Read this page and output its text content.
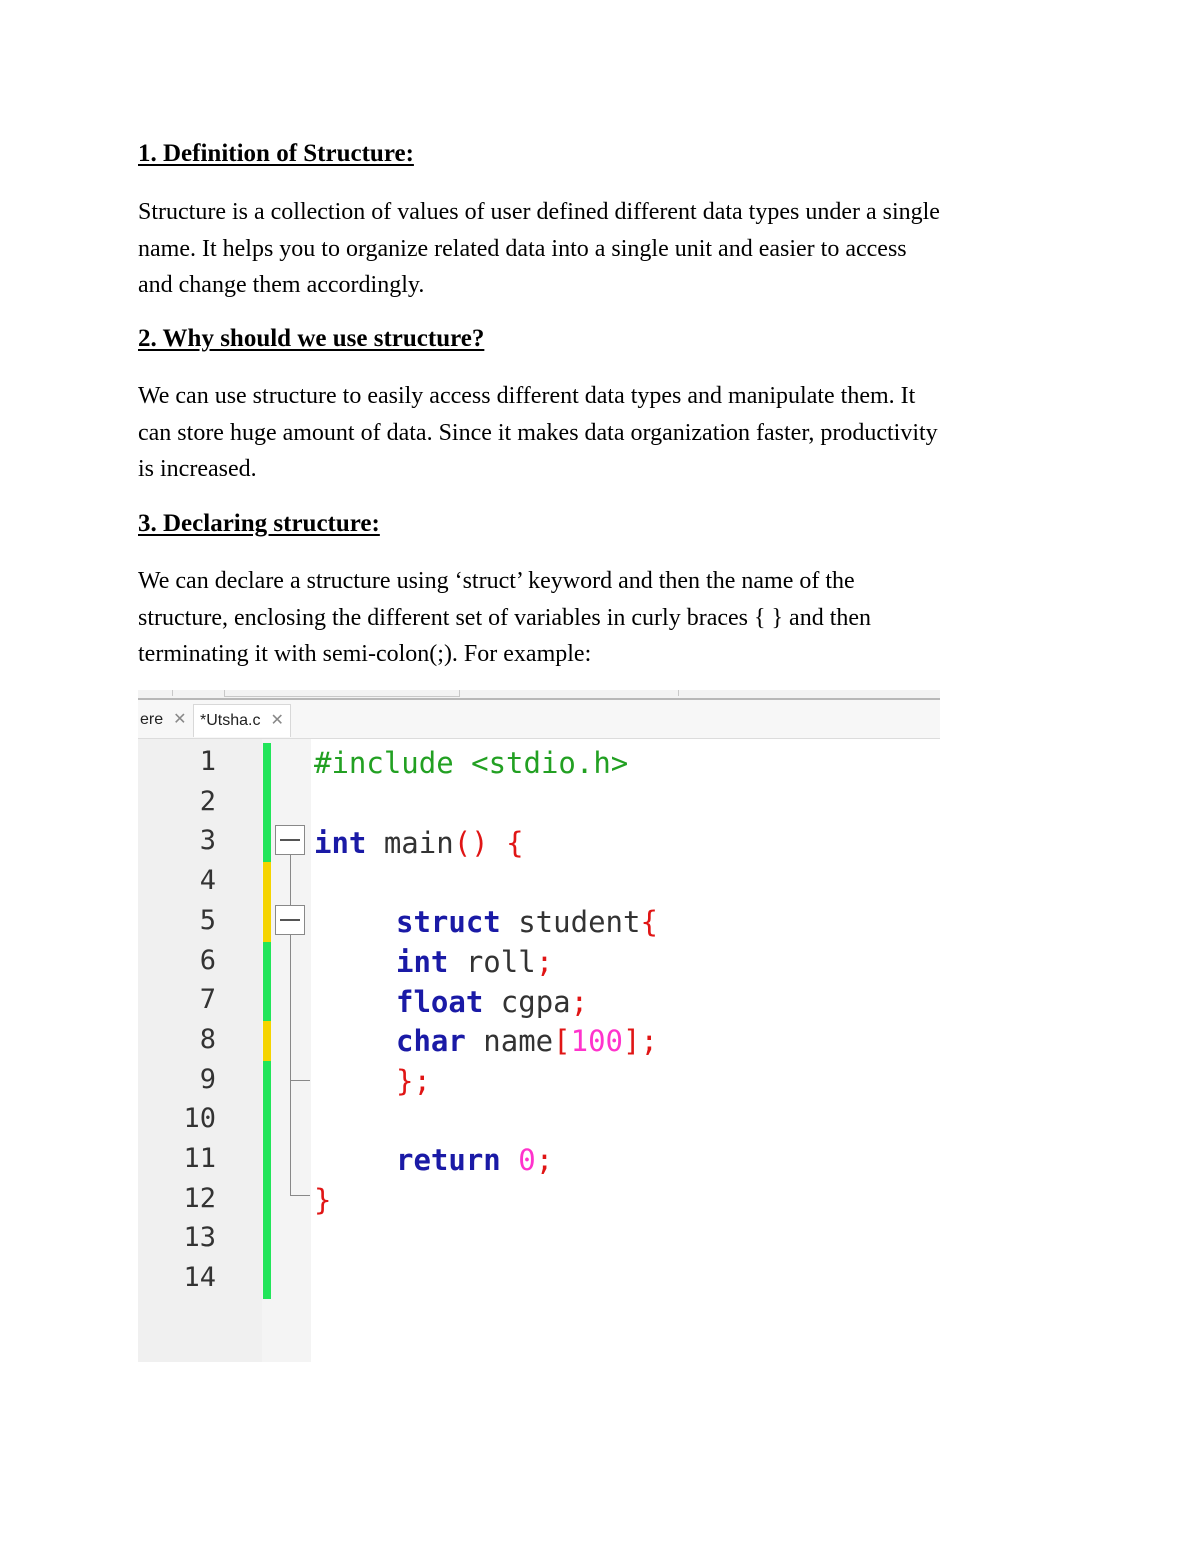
1. Definition of Structure:
Structure is a collection of values of user defined different data types under a single
name. It helps you to organize related data into a single unit and easier to access
and change them accordingly.
2. Why should we use structure?
We can use structure to easily access different data types and manipulate them. It
can store huge amount of data. Since it makes data organization faster, productivity
is increased.
3. Declaring structure:
We can declare a structure using ‘struct’ keyword and then the name of the
structure, enclosing the different set of variables in curly braces { } and then
terminating it with semi-colon(;). For example:
ere ✕ *Utsha.c ✕
1
2
3
4
5
6
7
8
9
10
11
12
13
14
#include <stdio.h>
int main() {
struct student{
int roll;
float cgpa;
char name[100];
};
return 0;
}
